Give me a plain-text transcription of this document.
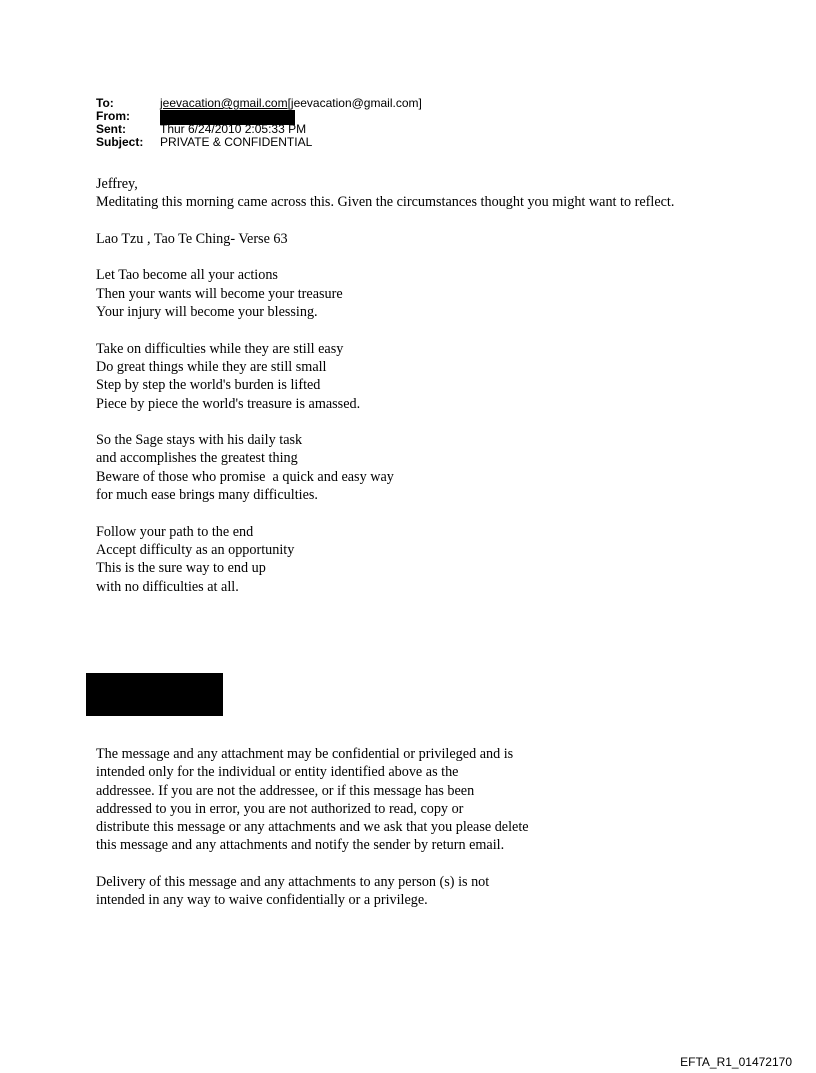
To:	jeevacation@gmail.com[jeevacation@gmail.com]
From:
Sent:	Thur 6/24/2010 2:05:33 PM
Subject:	PRIVATE & CONFIDENTIAL
Jeffrey,
Meditating this morning came across this. Given the circumstances thought you might want to reflect.
Lao Tzu , Tao Te Ching- Verse 63
Let Tao become all your actions
Then your wants will become your treasure
Your injury will become your blessing.
Take on difficulties while they are still easy
Do great things while they are still small
Step by step the world's burden is lifted
Piece by piece the world's treasure is amassed.
So the Sage stays with his daily task
and accomplishes the greatest thing
Beware of those who promise  a quick and easy way
for much ease brings many difficulties.
Follow your path to the end
Accept difficulty as an opportunity
This is the sure way to end up
with no difficulties at all.
The message and any attachment may be confidential or privileged and is
intended only for the individual or entity identified above as the
addressee. If you are not the addressee, or if this message has been
addressed to you in error, you are not authorized to read, copy or
distribute this message or any attachments and we ask that you please delete
this message and any attachments and notify the sender by return email.
Delivery of this message and any attachments to any person (s) is not
intended in any way to waive confidentially or a privilege.
EFTA_R1_01472170
